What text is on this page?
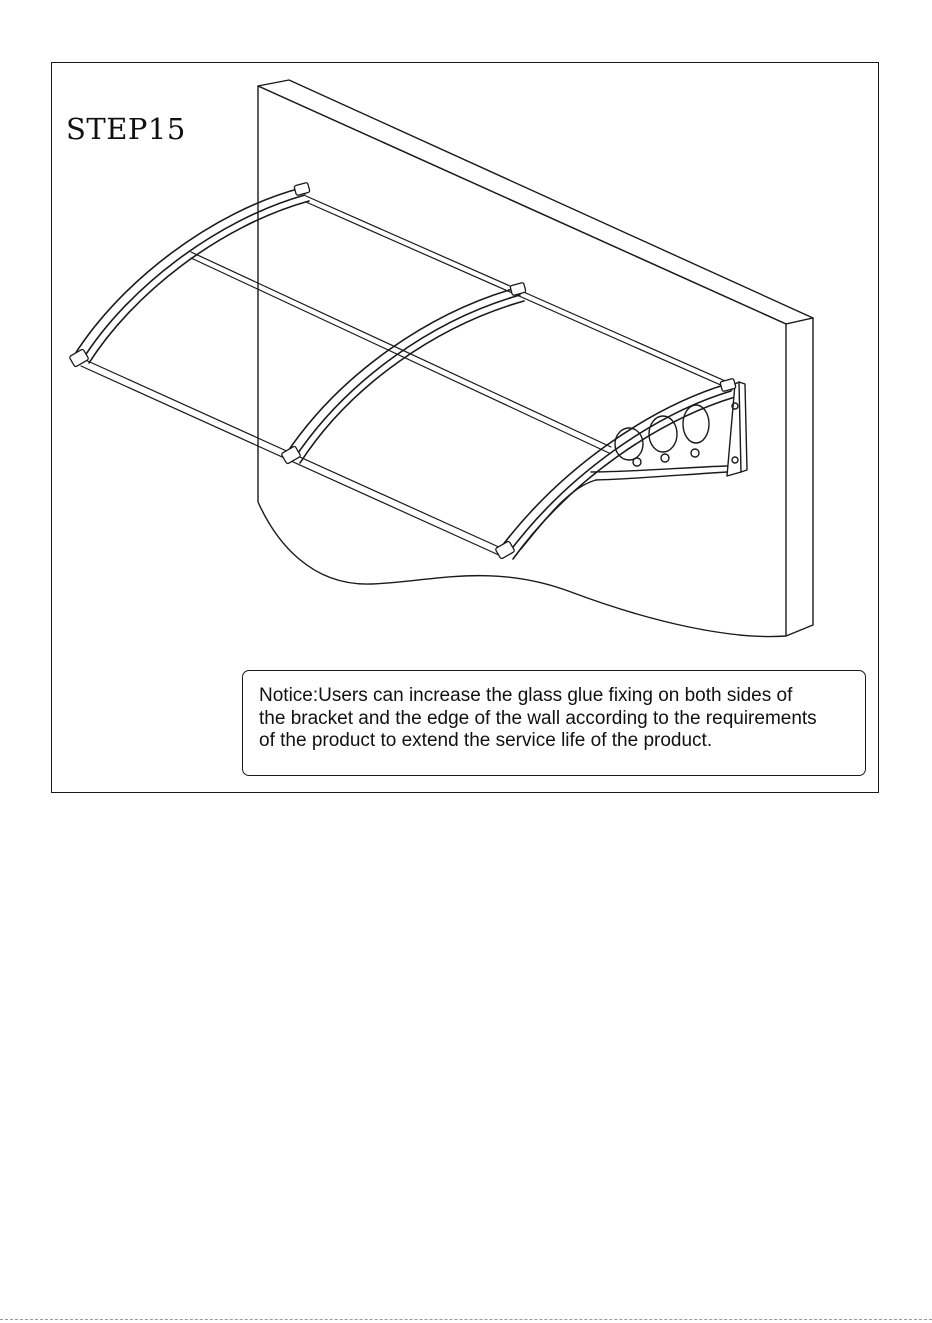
STEP15
Notice:Users can increase the glass glue fixing on both sides of
the bracket and the edge of the wall according to the requirements
of the product to extend the service life of the product.
